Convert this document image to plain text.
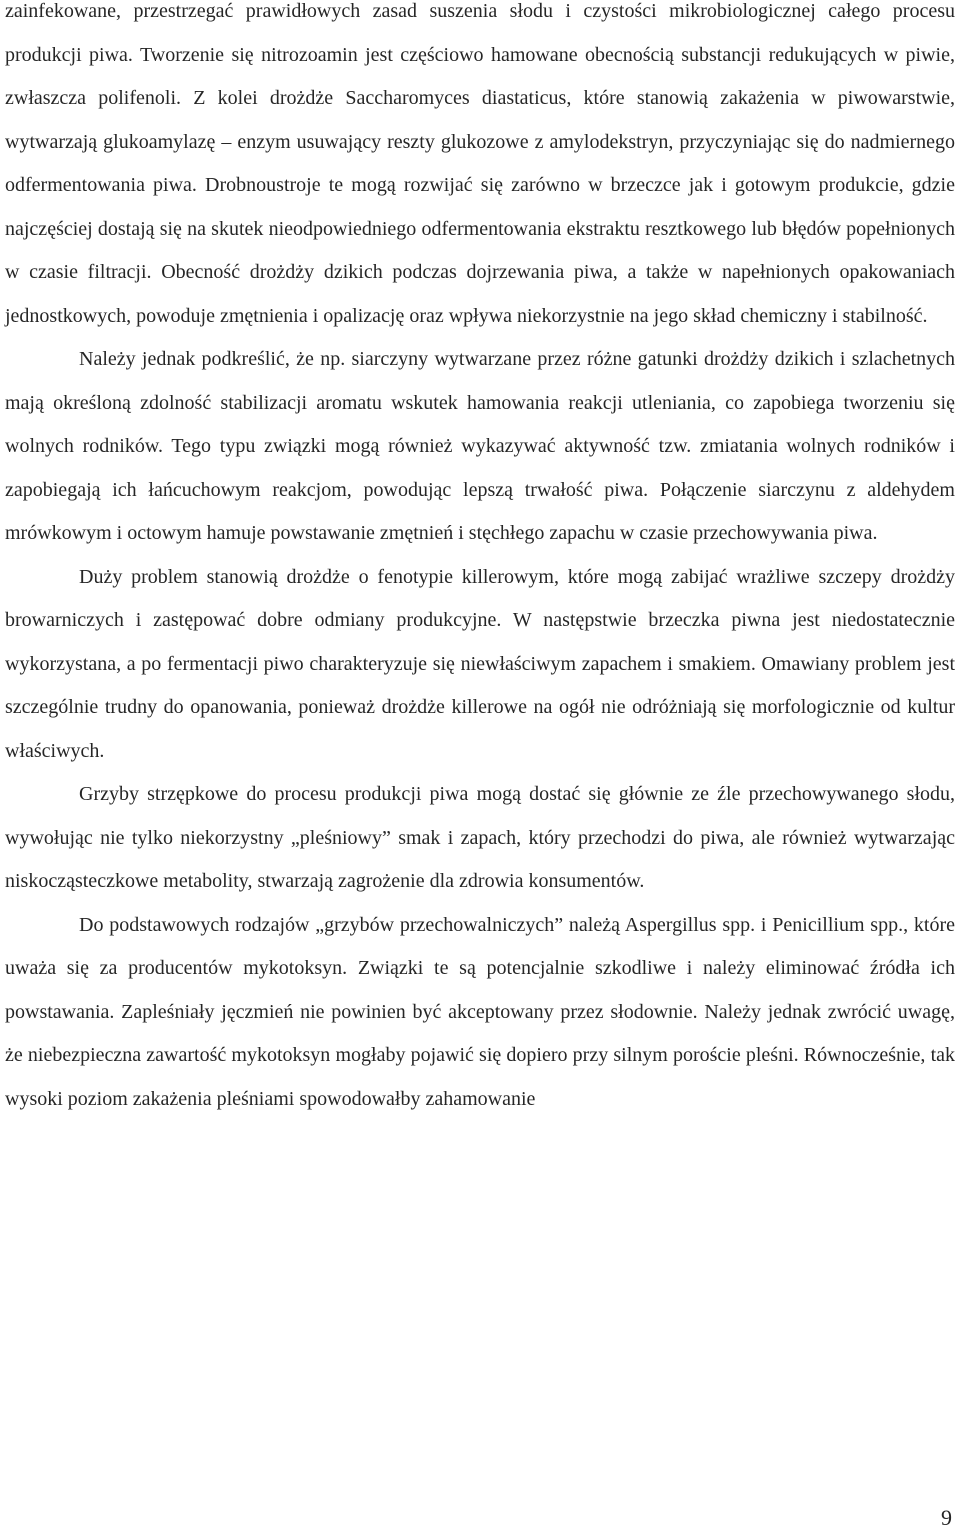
zainfekowane, przestrzegać prawidłowych zasad suszenia słodu i czystości mikrobiologicznej całego procesu produkcji piwa. Tworzenie się nitrozoamin jest częściowo hamowane obecnością substancji redukujących w piwie, zwłaszcza polifenoli. Z kolei drożdże Saccharomyces diastaticus, które stanowią zakażenia w piwowarstwie, wytwarzają glukoamylazę – enzym usuwający reszty glukozowe z amylodekstryn, przyczyniając się do nadmiernego odfermentowania piwa. Drobnoustroje te mogą rozwijać się zarówno w brzeczce jak i gotowym produkcie, gdzie najczęściej dostają się na skutek nieodpowiedniego odfermentowania ekstraktu resztkowego lub błędów popełnionych w czasie filtracji. Obecność drożdży dzikich podczas dojrzewania piwa, a także w napełnionych opakowaniach jednostkowych, powoduje zmętnienia i opalizację oraz wpływa niekorzystnie na jego skład chemiczny i stabilność.

Należy jednak podkreślić, że np. siarczyny wytwarzane przez różne gatunki drożdży dzikich i szlachetnych mają określoną zdolność stabilizacji aromatu wskutek hamowania reakcji utleniania, co zapobiega tworzeniu się wolnych rodników. Tego typu związki mogą również wykazywać aktywność tzw. zmiatania wolnych rodników i zapobiegają ich łańcuchowym reakcjom, powodując lepszą trwałość piwa. Połączenie siarczynu z aldehydem mrówkowym i octowym hamuje powstawanie zmętnień i stęchłego zapachu w czasie przechowywania piwa.

Duży problem stanowią drożdże o fenotypie killerowym, które mogą zabijać wrażliwe szczepy drożdży browarniczych i zastępować dobre odmiany produkcyjne. W następstwie brzeczka piwna jest niedostatecznie wykorzystana, a po fermentacji piwo charakteryzuje się niewłaściwym zapachem i smakiem. Omawiany problem jest szczególnie trudny do opanowania, ponieważ drożdże killerowe na ogół nie odróżniają się morfologicznie od kultur właściwych.

Grzyby strzępkowe do procesu produkcji piwa mogą dostać się głównie ze źle przechowywanego słodu, wywołując nie tylko niekorzystny „pleśniowy” smak i zapach, który przechodzi do piwa, ale również wytwarzając niskocząsteczkowe metabolity, stwarzają zagrożenie dla zdrowia konsumentów.

Do podstawowych rodzajów „grzybów przechowalniczych” należą Aspergillus spp. i Penicillium spp., które uważa się za producentów mykotoksyn. Związki te są potencjalnie szkodliwe i należy eliminować źródła ich powstawania. Zapleśniały jęczmień nie powinien być akceptowany przez słodownie. Należy jednak zwrócić uwagę, że niebezpieczna zawartość mykotoksyn mogłaby pojawić się dopiero przy silnym poroście pleśni. Równocześnie, tak wysoki poziom zakażenia pleśniami spowodowałby zahamowanie

9
